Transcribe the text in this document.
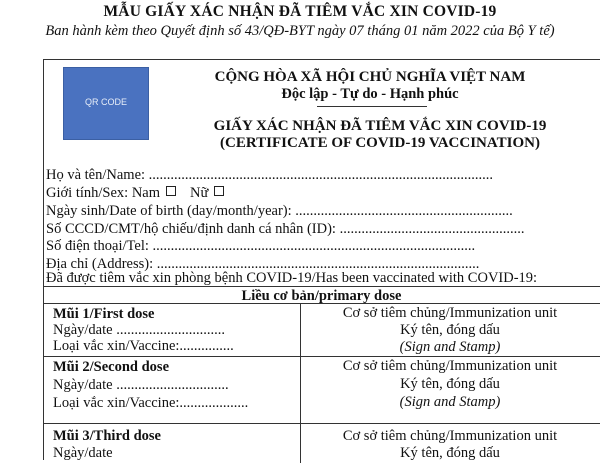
MẪU GIẤY XÁC NHẬN ĐÃ TIÊM VẮC XIN COVID-19
Ban hành kèm theo Quyết định số 43/QĐ-BYT ngày 07 tháng 01 năm 2022 của Bộ Y tế)
QR CODE
CỘNG HÒA XÃ HỘI CHỦ NGHĨA VIỆT NAM
Độc lập - Tự do - Hạnh phúc
GIẤY XÁC NHẬN ĐÃ TIÊM VẮC XIN COVID-19
(CERTIFICATE OF COVID-19 VACCINATION)
Họ và tên/Name: ...............................................................................................
Giới tính/Sex: Nam Nữ
Ngày sinh/Date of birth (day/month/year): ............................................................
Số CCCD/CMT/hộ chiếu/định danh cá nhân (ID): ...................................................
Số điện thoại/Tel: .........................................................................................
Địa chỉ (Address): .........................................................................................
Đã được tiêm vắc xin phòng bệnh COVID-19/Has been vaccinated with COVID-19:
Liều cơ bản/primary dose
Mũi 1/First dose
Ngày/date ..............................
Loại vắc xin/Vaccine:...............
Cơ sở tiêm chủng/Immunization unit
Ký tên, đóng dấu
(Sign and Stamp)
Mũi 2/Second dose
Ngày/date ...............................
Loại vắc xin/Vaccine:...................
Cơ sở tiêm chủng/Immunization unit
Ký tên, đóng dấu
(Sign and Stamp)
Mũi 3/Third dose
Ngày/date
Cơ sở tiêm chủng/Immunization unit
Ký tên, đóng dấu
